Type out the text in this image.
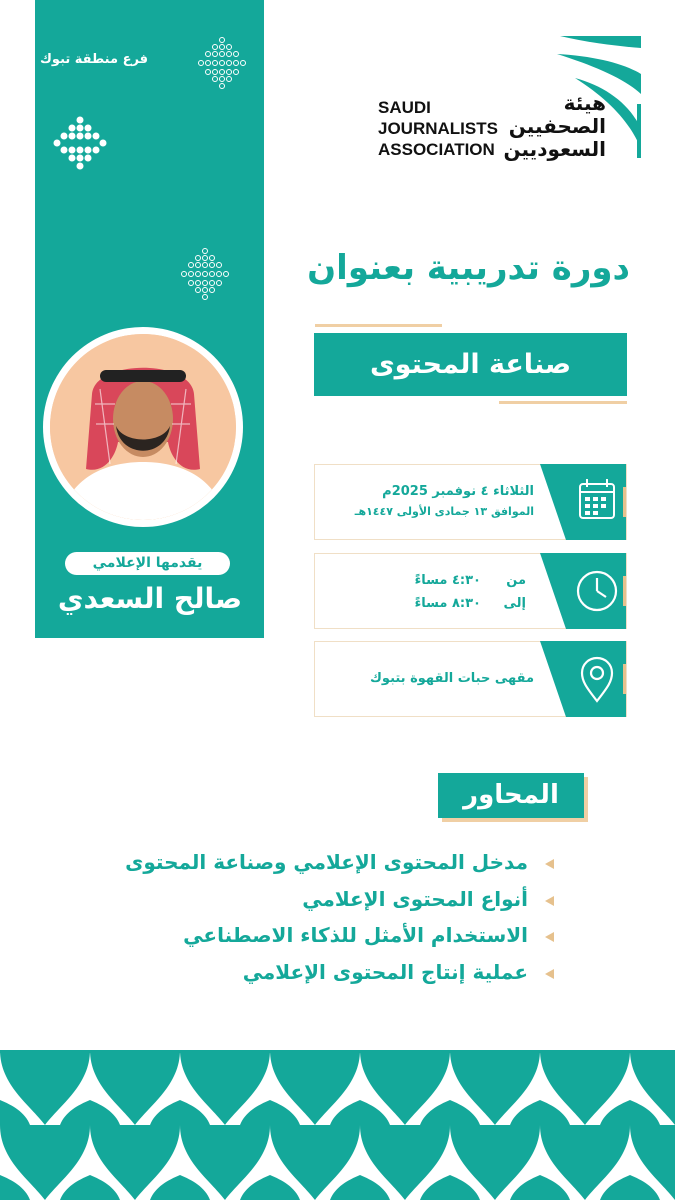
فرع منطقة تبوك
يقدمها الإعلامي
صالح السعدي
SAUDI
JOURNALISTS
ASSOCIATION
هيئة
الصحفيين
السعوديين
دورة تدريبية بعنوان
صناعة المحتوى الإعلامي
الثلاثاء ٤ نوفمبر 2025م
الموافق ١٣ جمادى الأولى ١٤٤٧هـ
من
٤:٣٠ مساءً
إلى
٨:٣٠ مساءً
مقهى حبات القهوة بتبوك
المحاور
مدخل المحتوى الإعلامي وصناعة المحتوى
أنواع المحتوى الإعلامي
الاستخدام الأمثل للذكاء الاصطناعي
عملية إنتاج المحتوى الإعلامي
